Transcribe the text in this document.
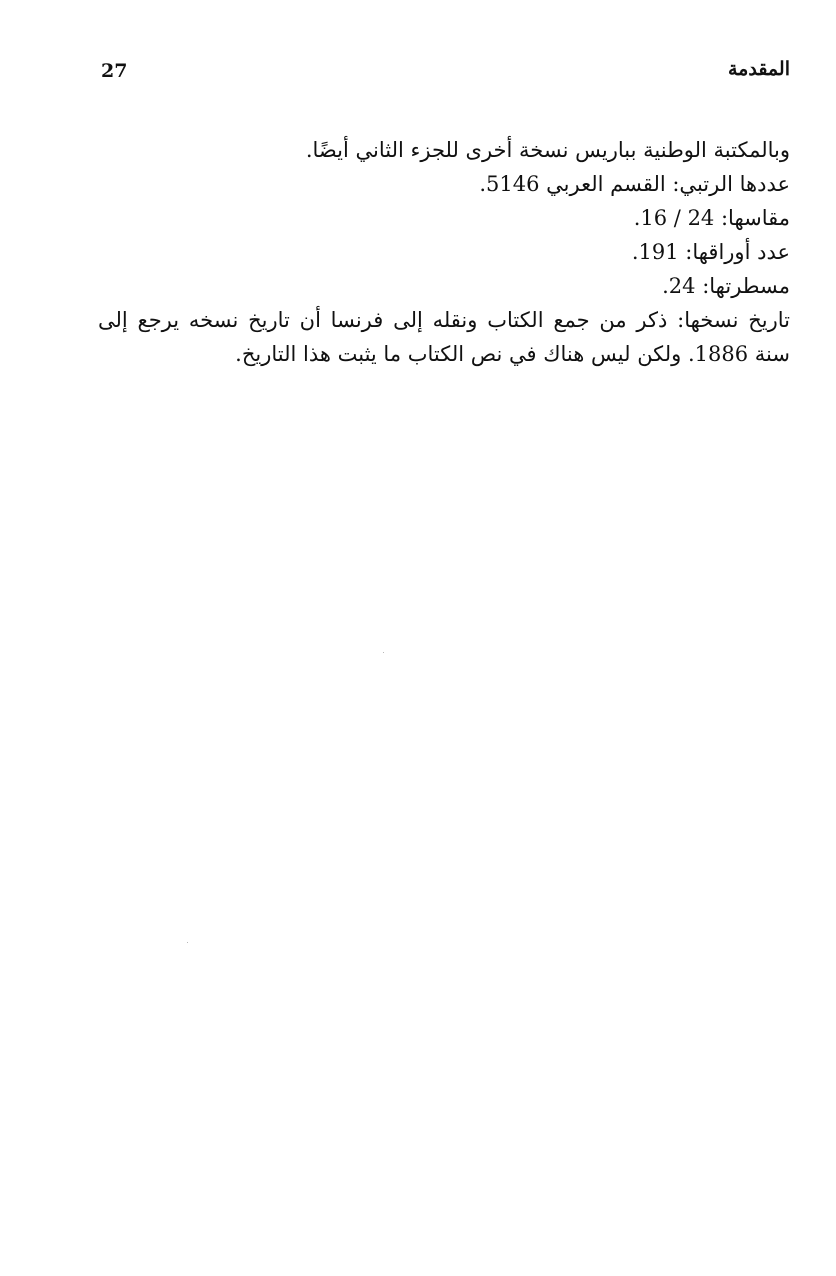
27	المقدمة

وبالمكتبة الوطنية بباريس نسخة أخرى للجزء الثاني أيضًا.

عددها الرتبي: القسم العربي 5146.

مقاسها: 24 / 16.

عدد أوراقها: 191.

مسطرتها: 24.

تاريخ نسخها: ذكر من جمع الكتاب ونقله إلى فرنسا أن تاريخ نسخه يرجع إلى سنة 1886. ولكن ليس هناك في نص الكتاب ما يثبت هذا التاريخ.
